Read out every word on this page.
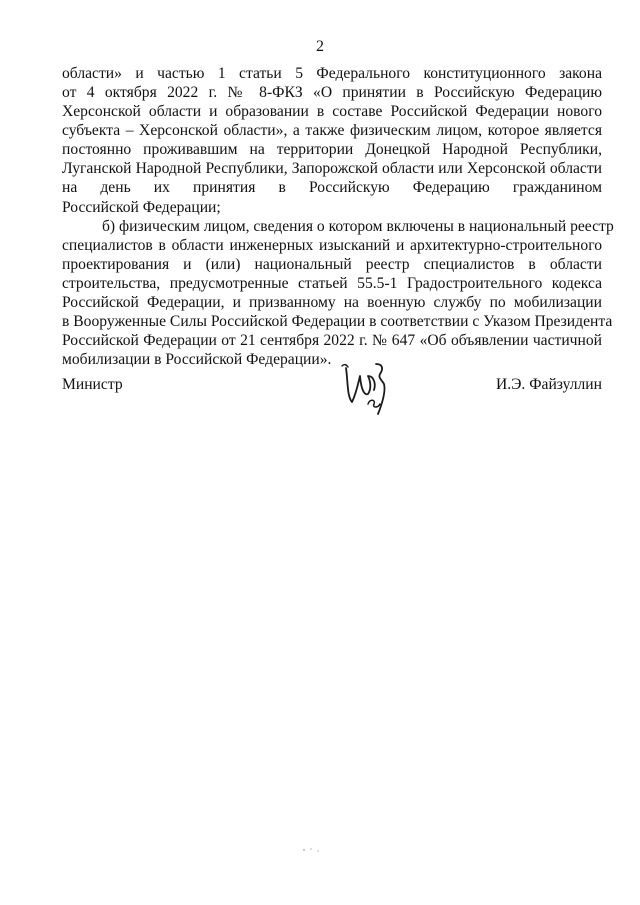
2
области» и частью 1 статьи 5 Федерального конституционного закона
от 4 октября 2022 г. № 8-ФКЗ «О принятии в Российскую Федерацию
Херсонской области и образовании в составе Российской Федерации нового
субъекта – Херсонской области», а также физическим лицом, которое является
постоянно проживавшим на территории Донецкой Народной Республики,
Луганской Народной Республики, Запорожской области или Херсонской области
на день их принятия в Российскую Федерацию гражданином
Российской Федерации;
б) физическим лицом, сведения о котором включены в национальный реестр
специалистов в области инженерных изысканий и архитектурно-строительного
проектирования и (или) национальный реестр специалистов в области
строительства, предусмотренные статьей 55.5-1 Градостроительного кодекса
Российской Федерации, и призванному на военную службу по мобилизации
в Вооруженные Силы Российской Федерации в соответствии с Указом Президента
Российской Федерации от 21 сентября 2022 г. № 647 «Об объявлении частичной
Министр	И.Э. Файзуллин
мобилизации в Российской Федерации».
